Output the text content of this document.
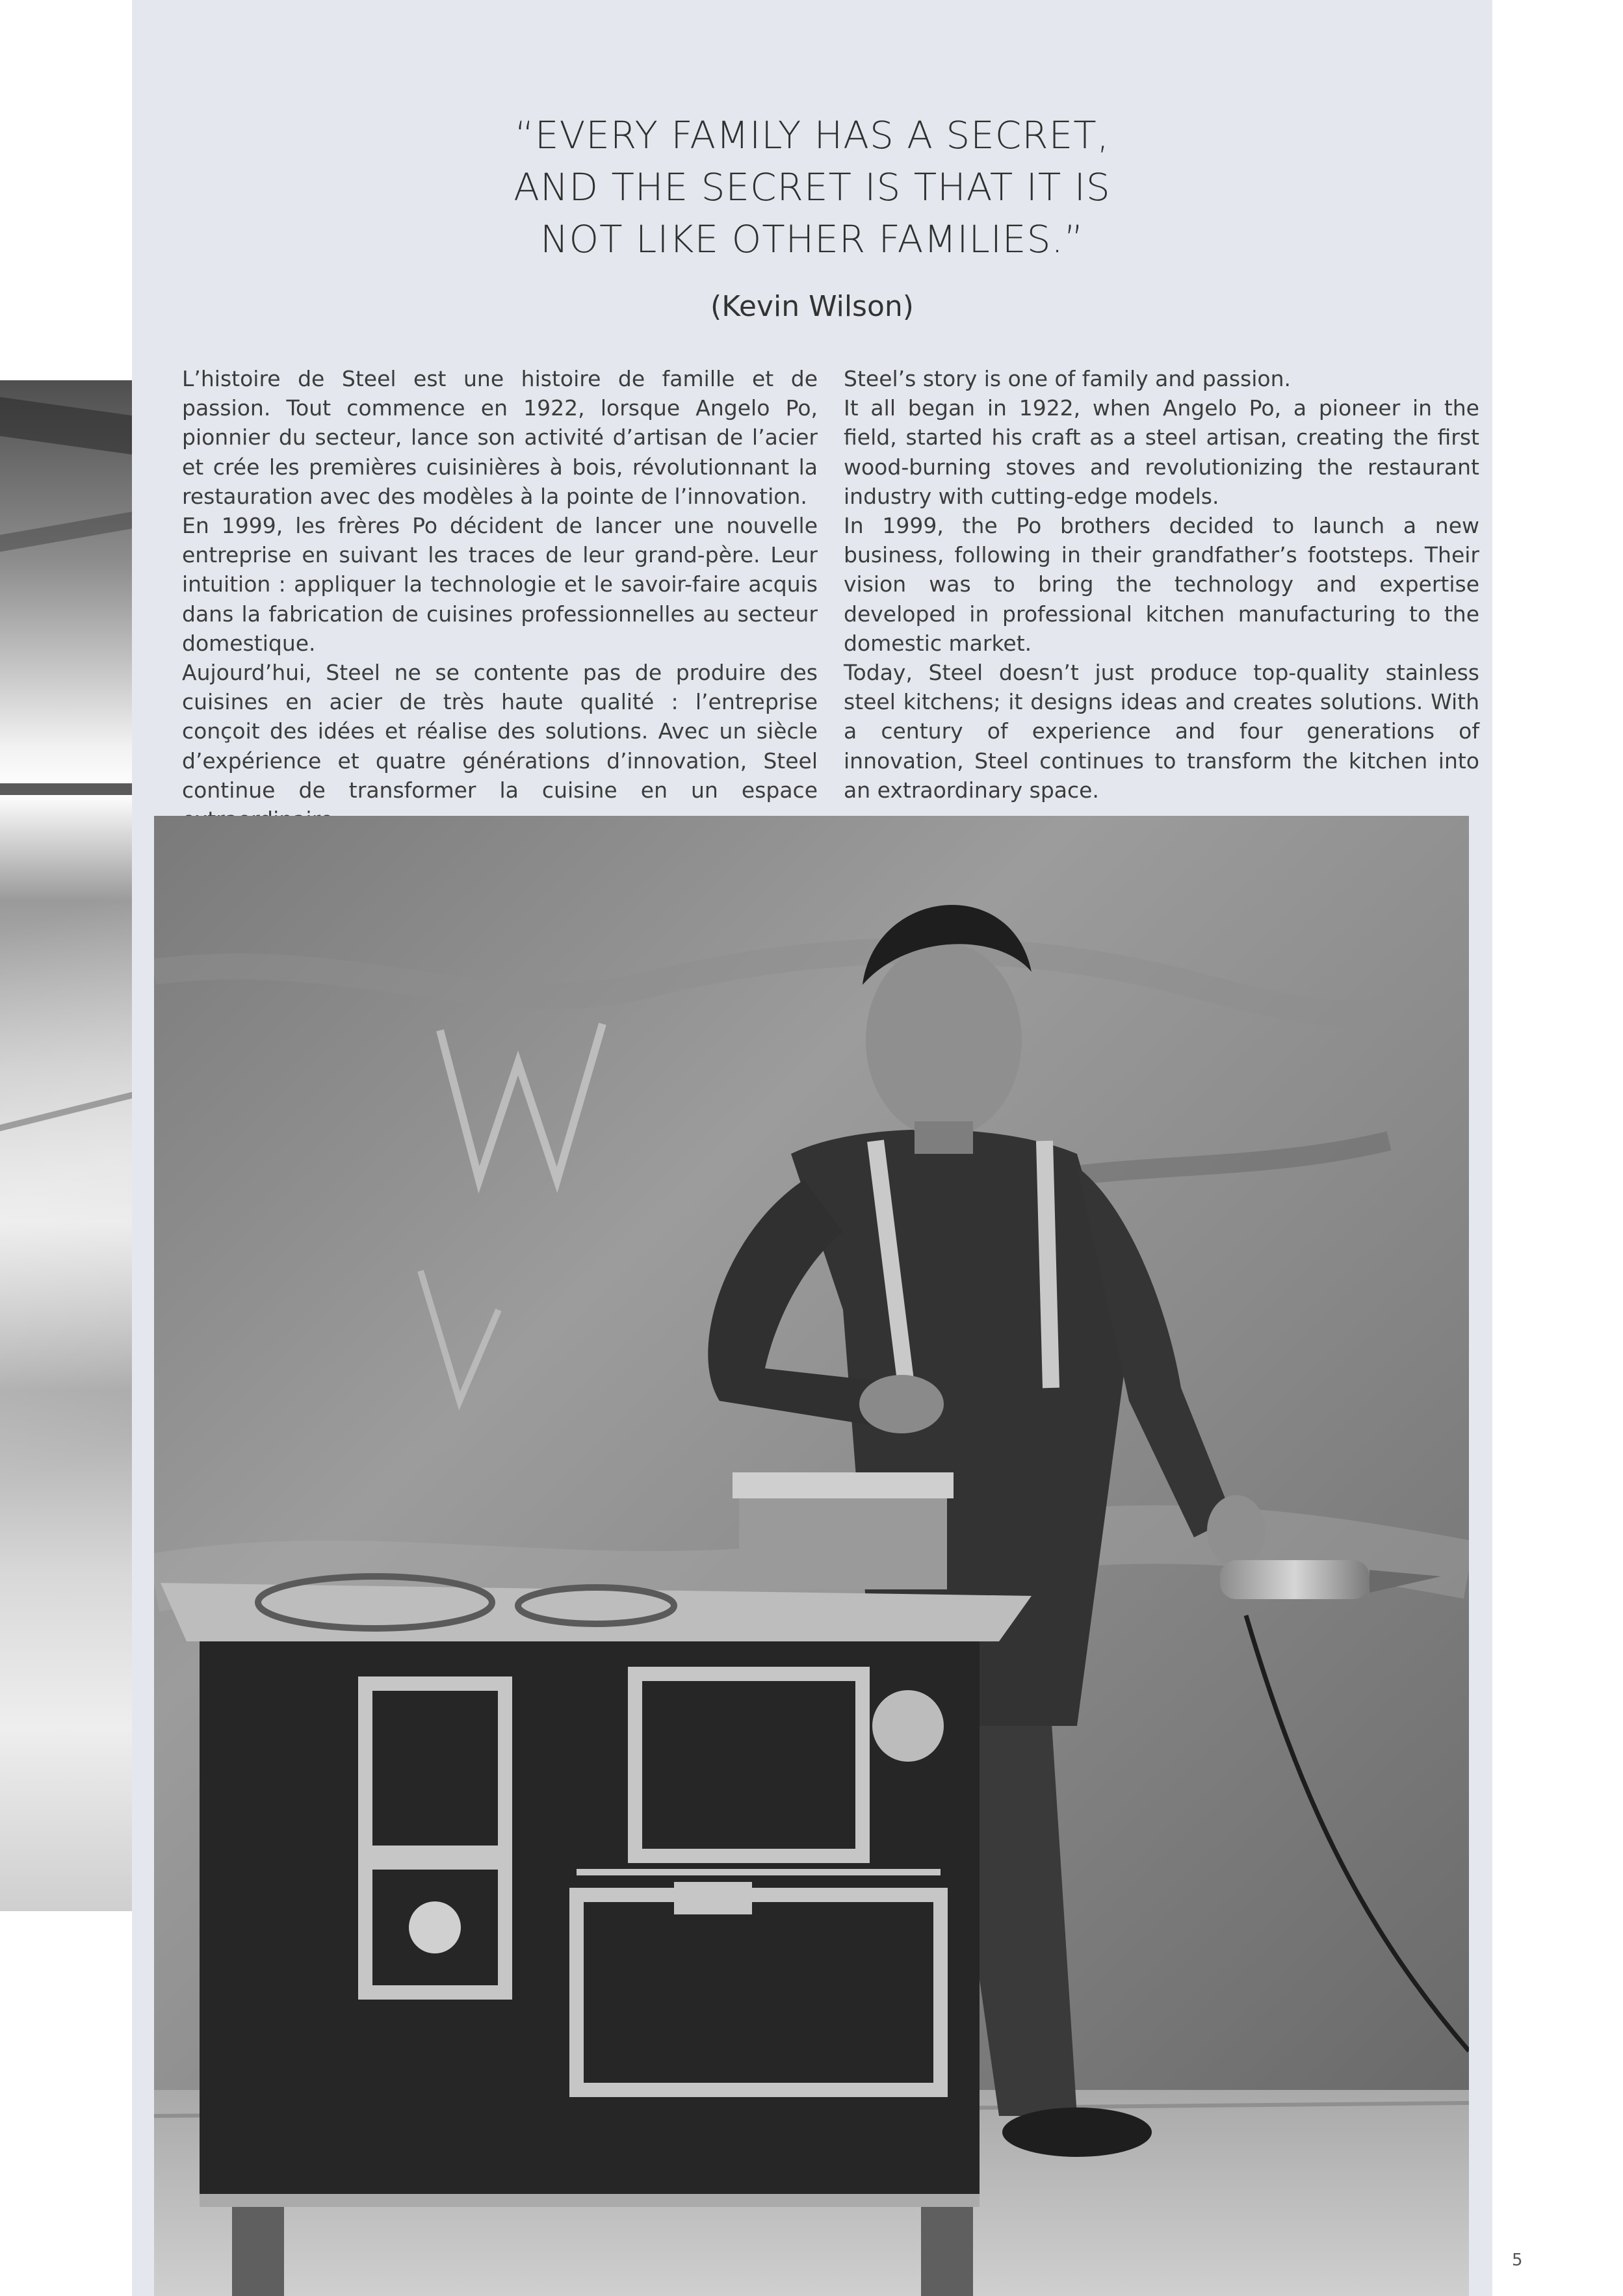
“EVERY FAMILY HAS A SECRET,
AND THE SECRET IS THAT IT IS
NOT LIKE OTHER FAMILIES.”
(Kevin Wilson)

L’histoire de Steel est une histoire de famille et de passion. Tout commence en 1922, lorsque Angelo Po, pionnier du secteur, lance son activité d’artisan de l’acier et crée les premières cuisinières à bois, révolutionnant la restauration avec des modèles à la pointe de l’innovation.

En 1999, les frères Po décident de lancer une nouvelle entreprise en suivant les traces de leur grand-père. Leur intuition : appliquer la technologie et le savoir-faire acquis dans la fabrication de cuisines professionnelles au secteur domestique.

Aujourd’hui, Steel ne se contente pas de produire des cuisines en acier de très haute qualité : l’entreprise conçoit des idées et réalise des solutions. Avec un siècle d’expérience et quatre générations d’innovation, Steel continue de transformer la cuisine en un espace

Steel’s story is one of family and passion.

It all began in 1922, when Angelo Po, a pioneer in the field, started his craft as a steel artisan, creating the first wood-burning stoves and revolutionizing the restaurant industry with cutting-edge models.

In 1999, the Po brothers decided to launch a new business, following in their grandfather’s footsteps. Their vision was to bring the technology and expertise developed in professional kitchen manufacturing to the domestic market.

Today, Steel doesn’t just produce top-quality stainless steel kitchens; it designs ideas and creates solutions. With a century of experience and four generations of innovation, Steel continues to transform the kitchen into an extraordinary space.

5
